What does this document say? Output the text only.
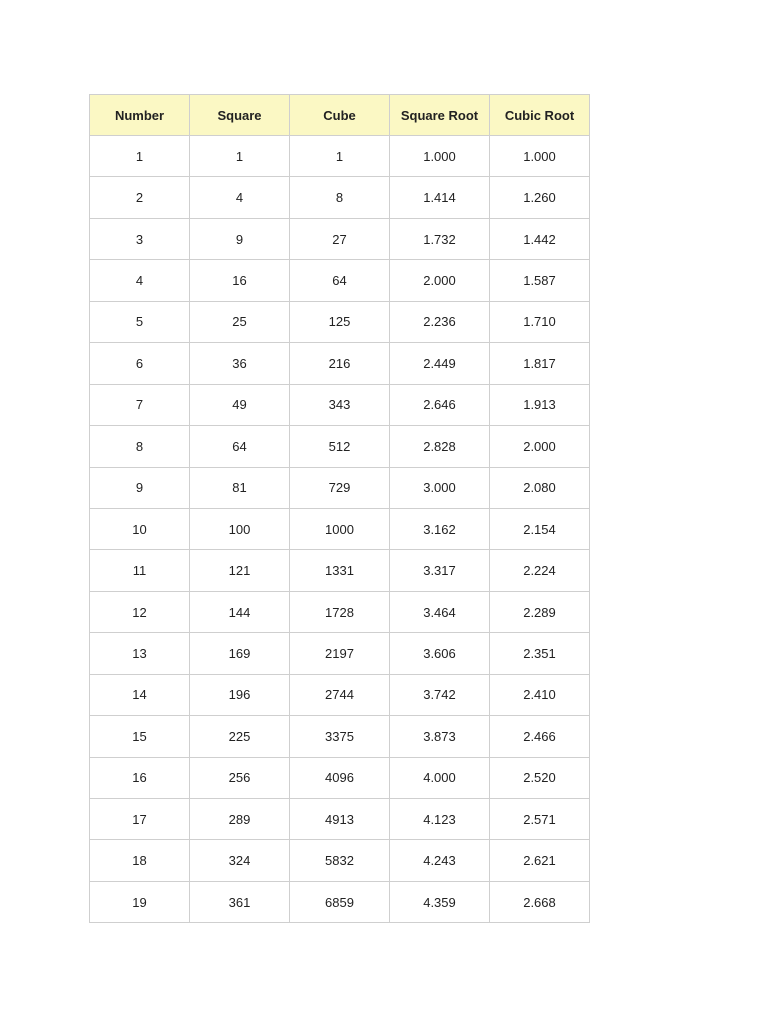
Number	Square	Cube	Square Root	Cubic Root
1	1	1	1.000	1.000
2	4	8	1.414	1.260
3	9	27	1.732	1.442
4	16	64	2.000	1.587
5	25	125	2.236	1.710
6	36	216	2.449	1.817
7	49	343	2.646	1.913
8	64	512	2.828	2.000
9	81	729	3.000	2.080
10	100	1000	3.162	2.154
11	121	1331	3.317	2.224
12	144	1728	3.464	2.289
13	169	2197	3.606	2.351
14	196	2744	3.742	2.410
15	225	3375	3.873	2.466
16	256	4096	4.000	2.520
17	289	4913	4.123	2.571
18	324	5832	4.243	2.621
19	361	6859	4.359	2.668
